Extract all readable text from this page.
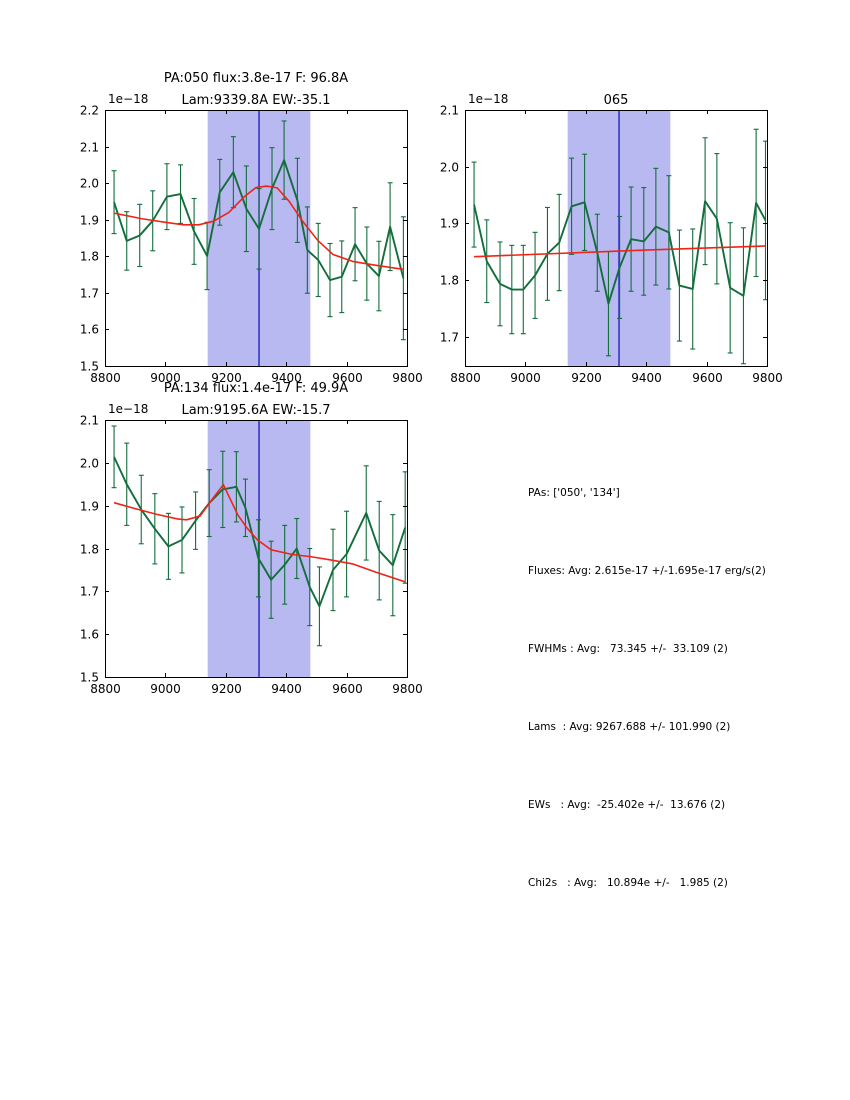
PA:050 flux:3.8e-17 F: 96.8A
Lam:9339.8A EW:-35.1	065
PA:134 flux:1.4e-17 F: 49.9A
Lam:9195.6A EW:-15.7
1e−18	1e−18
1e−18

PAs: ['050', '134']

Fluxes: Avg: 2.615e-17 +/-1.695e-17 erg/s(2)

FWHMs : Avg:   73.345 +/-  33.109 (2)

Lams  : Avg: 9267.688 +/- 101.990 (2)

EWs   : Avg:  -25.402e +/-  13.676 (2)

Chi2s   : Avg:   10.894e +/-   1.985 (2)

8800 9000	9200 9400	9600 9800
1.5
1.6
1.7
1.8
1.9
2.0
2.1
2.2
8800 9000	9200 9400	9600 9800
1.7
1.8
1.9
2.0
2.1
8800 9000	9200 9400	9600 9800
1.5
1.6
1.7
1.8
1.9
2.0
2.1
